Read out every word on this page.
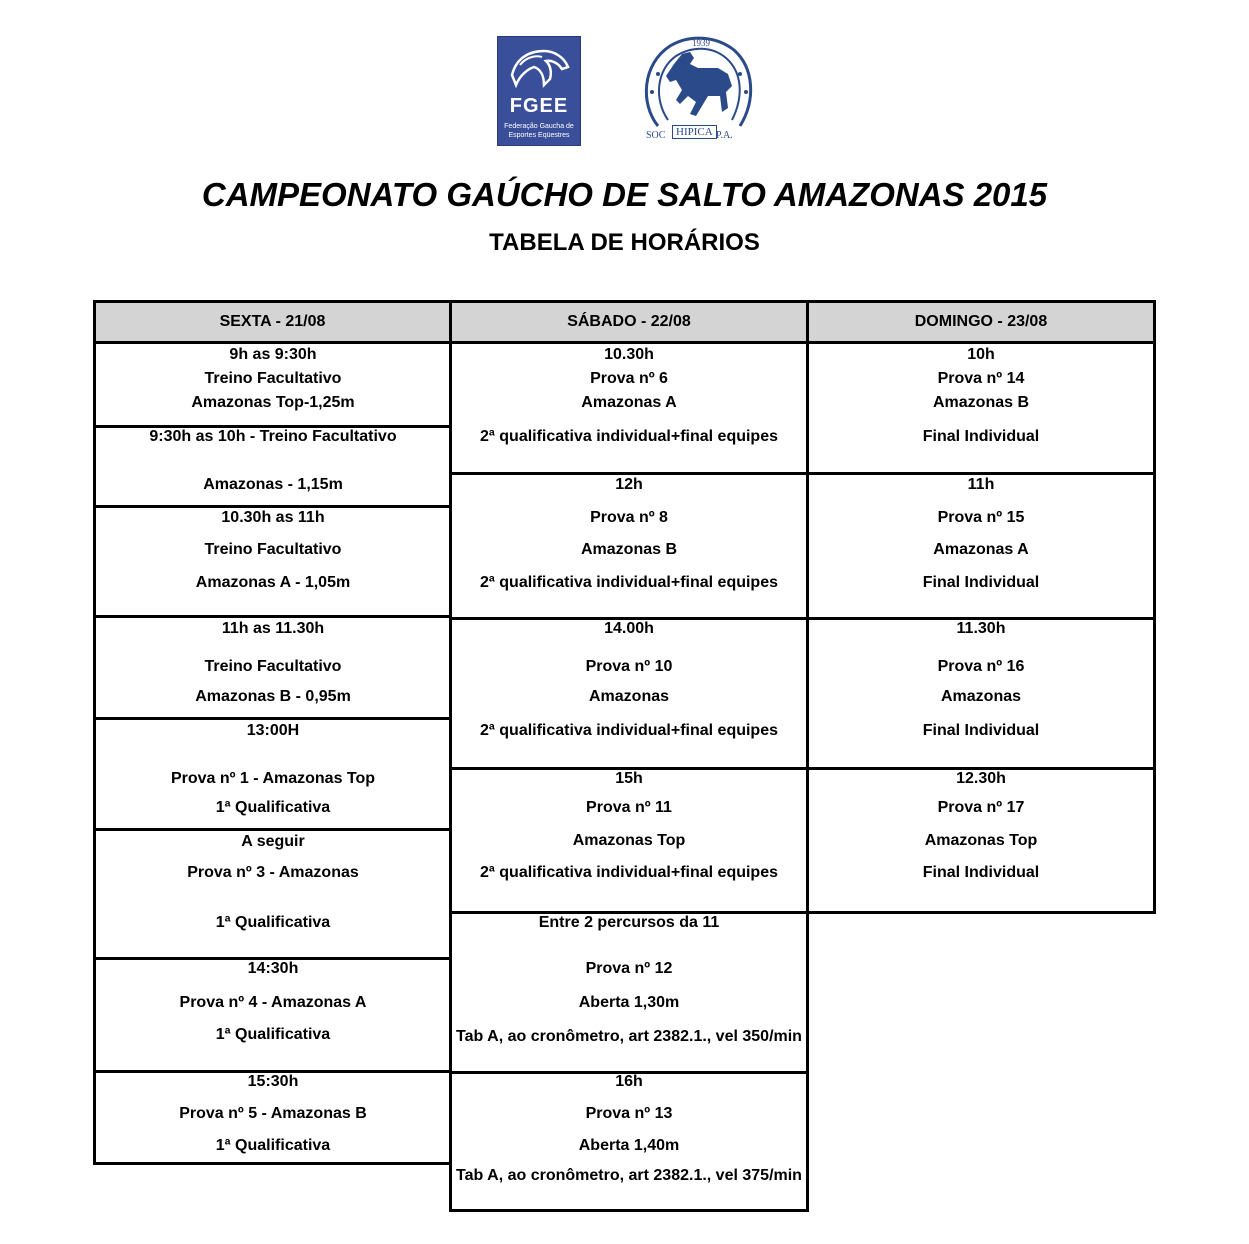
FGEE
Federação Gaucha de
Esportes Eqüestres
1939
SOC HIPICA P.A.
CAMPEONATO GAÚCHO DE SALTO AMAZONAS 2015
TABELA DE HORÁRIOS
SEXTA - 21/08	SÁBADO - 22/08	DOMINGO - 23/08
9h as 9:30h
Treino Facultativo
Amazonas Top-1,25m
9:30h as 10h - Treino Facultativo
Amazonas - 1,15m
10.30h as 11h
Treino Facultativo
Amazonas A - 1,05m
11h as 11.30h
Treino Facultativo
Amazonas B - 0,95m
13:00H
Prova nº 1 - Amazonas Top
1ª Qualificativa
A seguir
Prova nº 3 - Amazonas
1ª Qualificativa
14:30h
Prova nº 4 - Amazonas A
1ª Qualificativa
15:30h
Prova nº 5 - Amazonas B
1ª Qualificativa
10.30h
Prova nº 6
Amazonas A
2ª qualificativa individual+final equipes
12h
Prova nº 8
Amazonas B
2ª qualificativa individual+final equipes
14.00h
Prova nº 10
Amazonas
2ª qualificativa individual+final equipes
15h
Prova nº 11
Amazonas Top
2ª qualificativa individual+final equipes
Entre 2 percursos da 11
Prova nº 12
Aberta 1,30m
Tab A, ao cronômetro, art 2382.1., vel 350/min
16h
Prova nº 13
Aberta 1,40m
Tab A, ao cronômetro, art 2382.1., vel 375/min
10h
Prova nº 14
Amazonas B
Final Individual
11h
Prova nº 15
Amazonas A
Final Individual
11.30h
Prova nº 16
Amazonas
Final Individual
12.30h
Prova nº 17
Amazonas Top
Final Individual
